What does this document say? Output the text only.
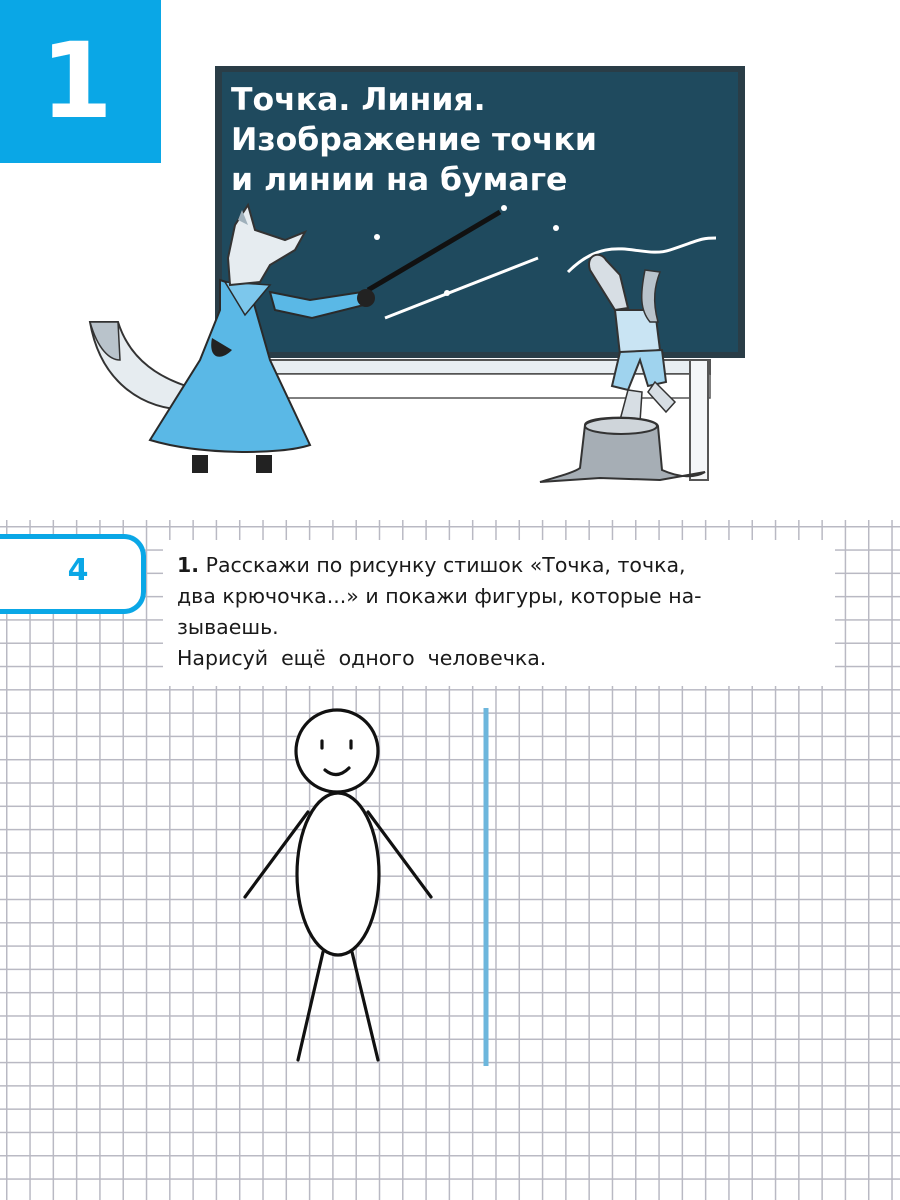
1	Точка. Линия.
Изображение точки
и линии на бумаге
4	1. Расскажи по рисунку стишок «Точка, точка,
два крючочка...» и покажи фигуры, которые на-
зываешь.
Нарисуй  ещё  одного  человечка.
